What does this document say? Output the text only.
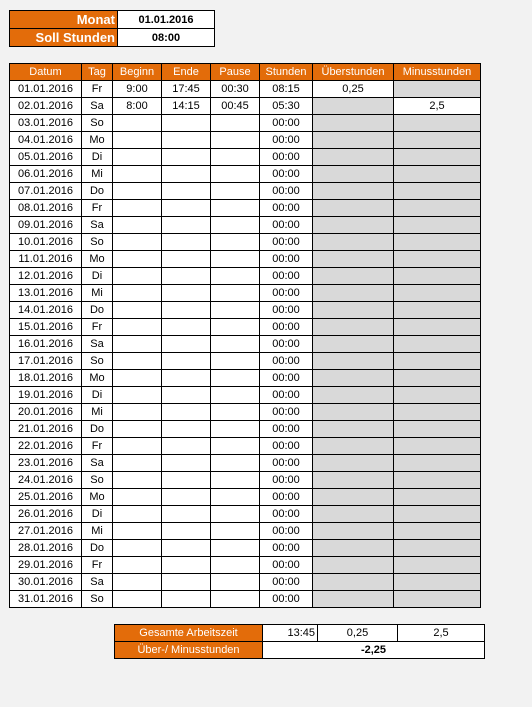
Monat	01.01.2016
Soll Stunden	08:00
Datum	Tag	Beginn	Ende	Pause	Stunden	Überstunden	Minusstunden
01.01.2016	Fr	9:00	17:45	00:30	08:15	0,25	
02.01.2016	Sa	8:00	14:15	00:45	05:30		2,5
03.01.2016	So				00:00		
04.01.2016	Mo				00:00		
05.01.2016	Di				00:00		
06.01.2016	Mi				00:00		
07.01.2016	Do				00:00		
08.01.2016	Fr				00:00		
09.01.2016	Sa				00:00		
10.01.2016	So				00:00		
11.01.2016	Mo				00:00		
12.01.2016	Di				00:00		
13.01.2016	Mi				00:00		
14.01.2016	Do				00:00		
15.01.2016	Fr				00:00		
16.01.2016	Sa				00:00		
17.01.2016	So				00:00		
18.01.2016	Mo				00:00		
19.01.2016	Di				00:00		
20.01.2016	Mi				00:00		
21.01.2016	Do				00:00		
22.01.2016	Fr				00:00		
23.01.2016	Sa				00:00		
24.01.2016	So				00:00		
25.01.2016	Mo				00:00		
26.01.2016	Di				00:00		
27.01.2016	Mi				00:00		
28.01.2016	Do				00:00		
29.01.2016	Fr				00:00		
30.01.2016	Sa				00:00		
31.01.2016	So				00:00		
Gesamte Arbeitszeit	13:45	0,25	2,5
Über-/ Minusstunden	-2,25		
